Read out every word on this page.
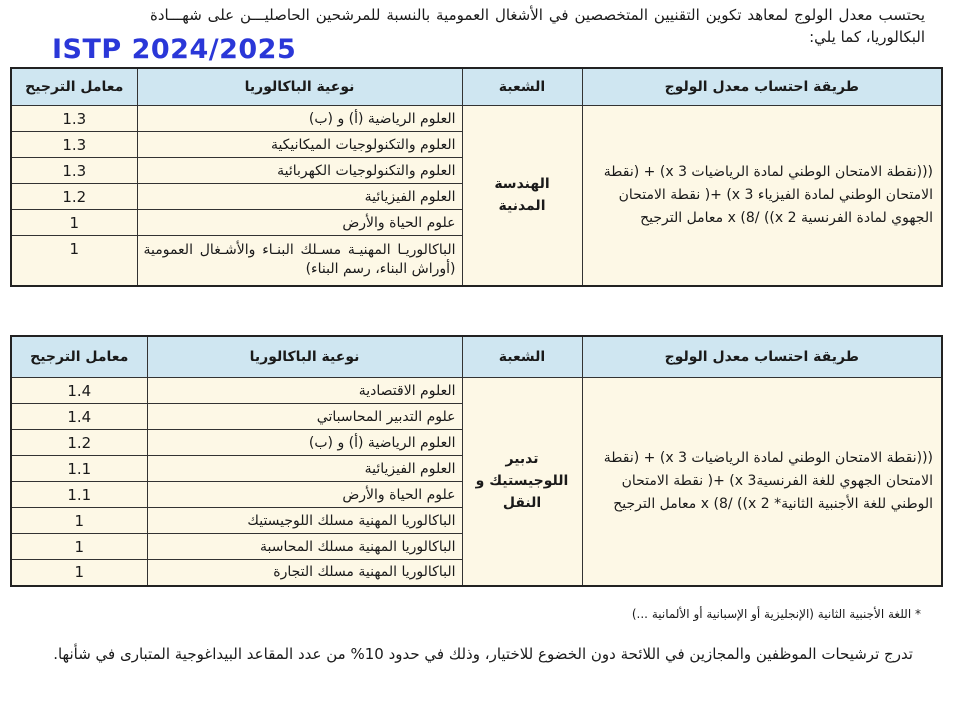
يحتسب معدل الولوج لمعاهد تكوين التقنيين المتخصصين في الأشغال العمومية بالنسبة للمرشحين الحاصليـــن على شهـــادة البكالوريا، كما يلي:
ISTP 2024/2025
طريقة احتساب معدل الولوج	الشعبة	نوعية الباكالوريا	معامل الترجيح
(((نقطة الامتحان الوطني لمادة الرياضيات x 3) + (نقطة الامتحان الوطني لمادة الفيزياء x 3) +( نقطة الامتحان الجهوي لمادة الفرنسية x 2)) /8) x معامل الترجيح	الهندسة المدنية	العلوم الرياضية (أ) و (ب)	1.3
		العلوم والتكنولوجيات الميكانيكية	1.3
		العلوم والتكنولوجيات الكهربائية	1.3
		العلوم الفيزيائية	1.2
		علوم الحياة والأرض	1
		الباكالوريـا المهنيـة مسـلك البنـاء والأشـغال العمومية (أوراش البناء، رسم البناء)	1
طريقة احتساب معدل الولوج	الشعبة	نوعية الباكالوريا	معامل الترجيح
(((نقطة الامتحان الوطني لمادة الرياضيات x 3) + (نقطة الامتحان الجهوي للغة الفرنسيةx 3) +( نقطة الامتحان الوطني للغة الأجنبية الثانية* x 2)) /8) x معامل الترجيح	تدبير اللوجيستيك و النقل	العلوم الاقتصادية	1.4
		علوم التدبير المحاسباتي	1.4
		العلوم الرياضية (أ) و (ب)	1.2
		العلوم الفيزيائية	1.1
		علوم الحياة والأرض	1.1
		الباكالوريا المهنية مسلك اللوجيستيك	1
		الباكالوريا المهنية مسلك المحاسبة	1
		الباكالوريا المهنية مسلك التجارة	1
* اللغة الأجنبية الثانية (الإنجليزية أو الإسبانية أو الألمانية ...)
تدرج ترشيحات الموظفين والمجازين في اللائحة دون الخضوع للاختيار، وذلك في حدود 10% من عدد المقاعد البيداغوجية المتبارى في شأنها.
